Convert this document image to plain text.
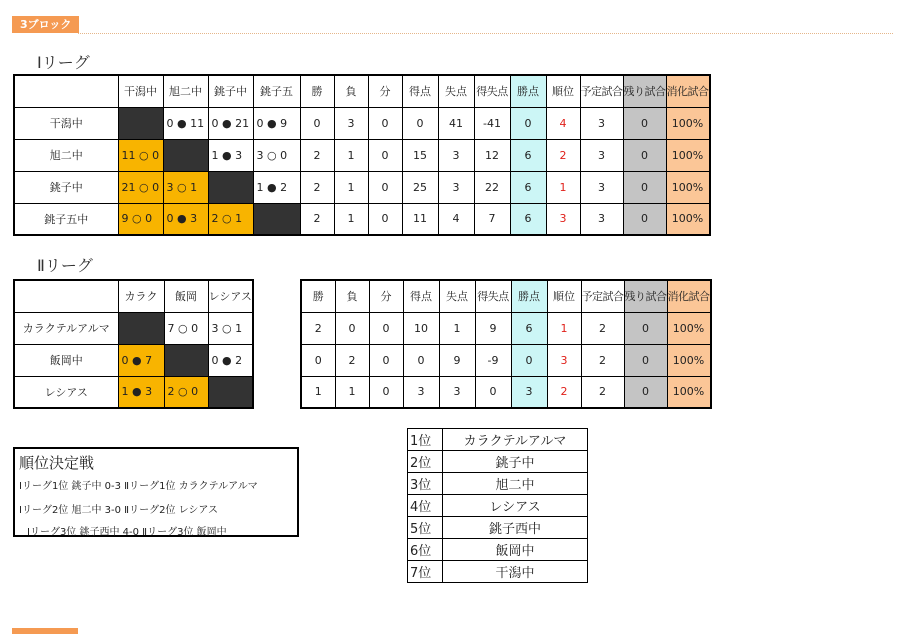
3ブロック
Ⅰリーグ
	干潟中	旭二中	銚子中	銚子五	勝	負	分	得点	失点	得失点	勝点	順位	予定試合	残り試合	消化試合
干潟中		0 ● 11	0 ● 21	0 ● 9	0	3	0	0	41	-41	0	4	3	0	100%
旭二中	11 ○ 0		1 ● 3	3 ○ 0	2	1	0	15	3	12	6	2	3	0	100%
銚子中	21 ○ 0	3 ○ 1		1 ● 2	2	1	0	25	3	22	6	1	3	0	100%
銚子五中	9 ○ 0	0 ● 3	2 ○ 1		2	1	0	11	4	7	6	3	3	0	100%
Ⅱリーグ
	カラク	飯岡	レシアス
カラクテルアルマ		7 ○ 0	3 ○ 1
飯岡中	0 ● 7		0 ● 2
レシアス	1 ● 3	2 ○ 0	
勝	負	分	得点	失点	得失点	勝点	順位	予定試合	残り試合	消化試合
2	0	0	10	1	9	6	1	2	0	100%
0	2	0	0	9	-9	0	3	2	0	100%
1	1	0	3	3	0	3	2	2	0	100%
順位決定戦
Ⅰリーグ1位 銚子中 0-3 Ⅱリーグ1位 カラクテルアルマ
Ⅰリーグ2位 旭二中 3-0 Ⅱリーグ2位 レシアス
Ⅰリーグ3位 銚子西中 4-0 Ⅱリーグ3位 飯岡中
1位	カラクテルアルマ
2位	銚子中
3位	旭二中
4位	レシアス
5位	銚子西中
6位	飯岡中
7位	干潟中
